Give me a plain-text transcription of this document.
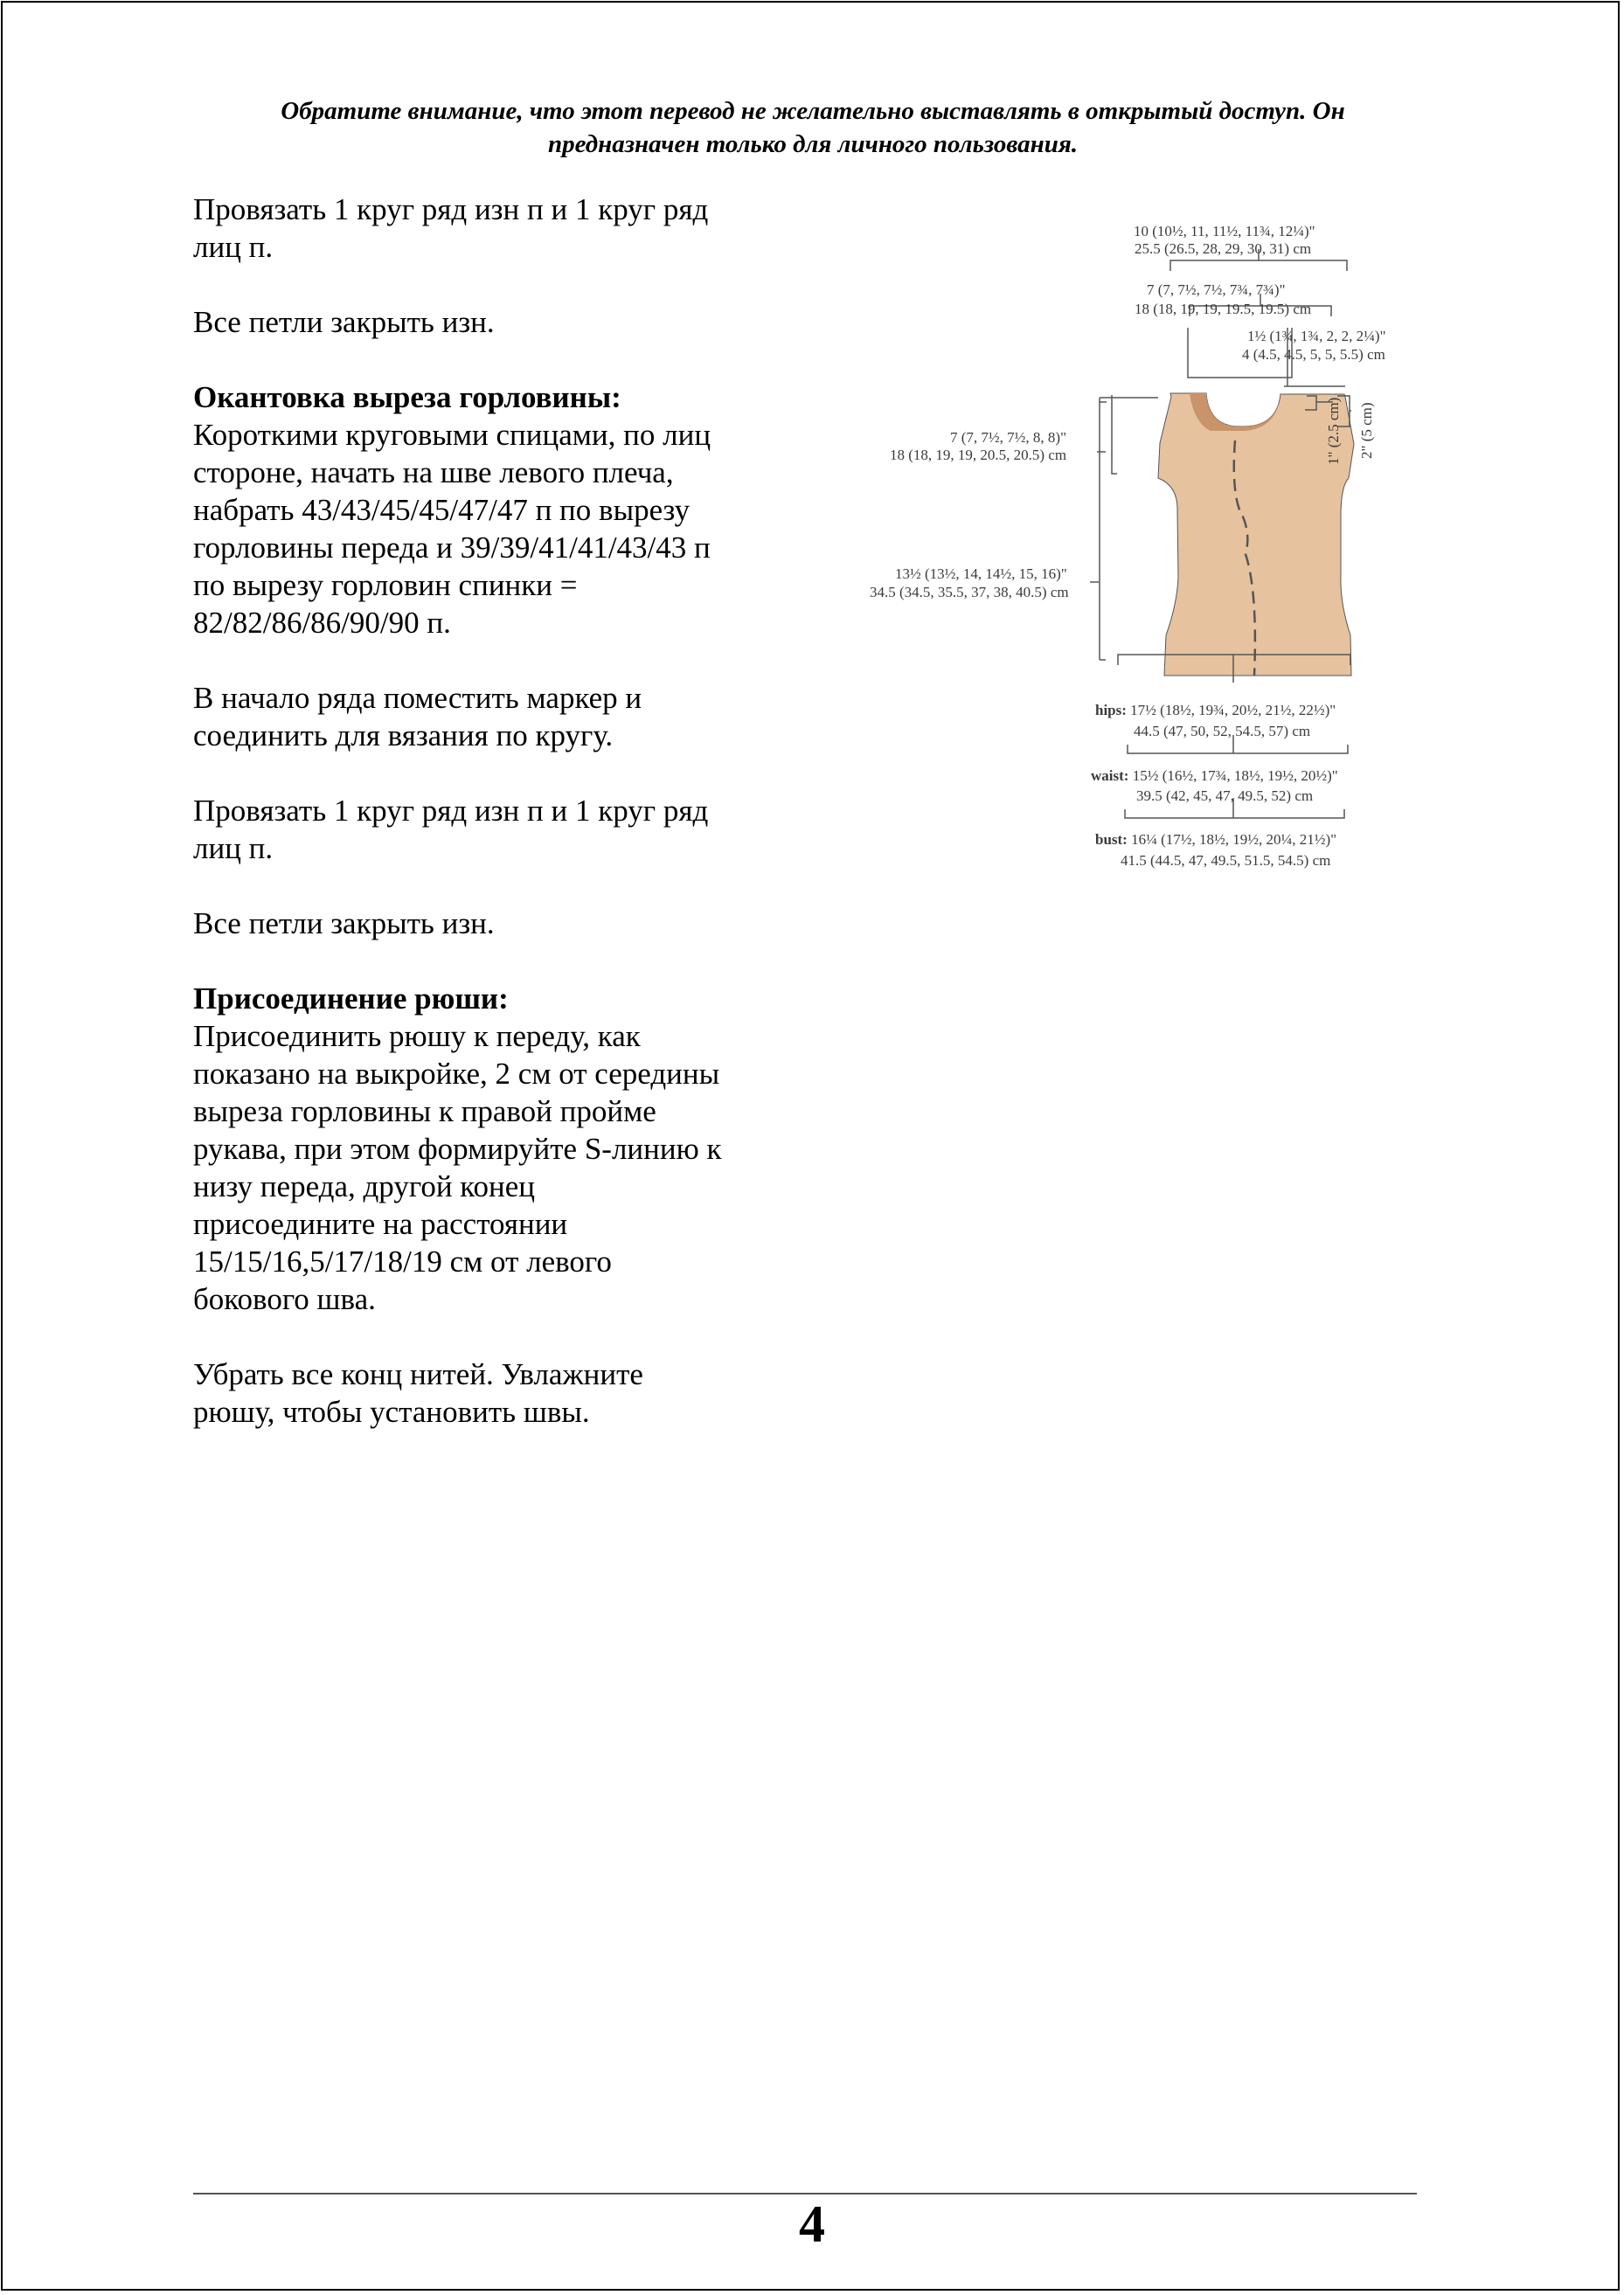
Обратите внимание, что этот перевод не желательно выставлять в открытый доступ. Он
предназначен только для личного пользования.
Провязать 1 круг ряд изн п и 1 круг ряд
лиц п.
Все петли закрыть изн.
Окантовка выреза горловины:
Короткими круговыми спицами, по лиц
стороне, начать на шве левого плеча,
набрать 43/43/45/45/47/47 п по вырезу
горловины переда и 39/39/41/41/43/43 п
по вырезу горловин спинки =
82/82/86/86/90/90 п.
В начало ряда поместить маркер и
соединить для вязания по кругу.
Провязать 1 круг ряд изн п и 1 круг ряд
лиц п.
Все петли закрыть изн.
Присоединение рюши:
Присоединить рюшу к переду, как
показано на выкройке, 2 см от середины
выреза горловины к правой пройме
рукава, при этом формируйте S-линию к
низу переда, другой конец
присоедините на расстоянии
15/15/16,5/17/18/19 см от левого
бокового шва.
Убрать все конц нитей. Увлажните
рюшу, чтобы установить швы.
10 (10½, 11, 11½, 11¾, 12¼)"
25.5 (26.5, 28, 29, 30, 31) cm
7 (7, 7½, 7½, 7¾, 7¾)"
18 (18, 19, 19, 19.5, 19.5) cm
1½ (1¾, 1¾, 2, 2, 2¼)"
4 (4.5, 4.5, 5, 5, 5.5) cm
7 (7, 7½, 7½, 8, 8)"
18 (18, 19, 19, 20.5, 20.5) cm
13½ (13½, 14, 14½, 15, 16)"
34.5 (34.5, 35.5, 37, 38, 40.5) cm
1" (2.5 cm) 2" (5 cm)
hips: 17½ (18½, 19¾, 20½, 21½, 22½)"
44.5 (47, 50, 52, 54.5, 57) cm
waist: 15½ (16½, 17¾, 18½, 19½, 20½)"
39.5 (42, 45, 47, 49.5, 52) cm
bust: 16¼ (17½, 18½, 19½, 20¼, 21½)"
41.5 (44.5, 47, 49.5, 51.5, 54.5) cm
4
